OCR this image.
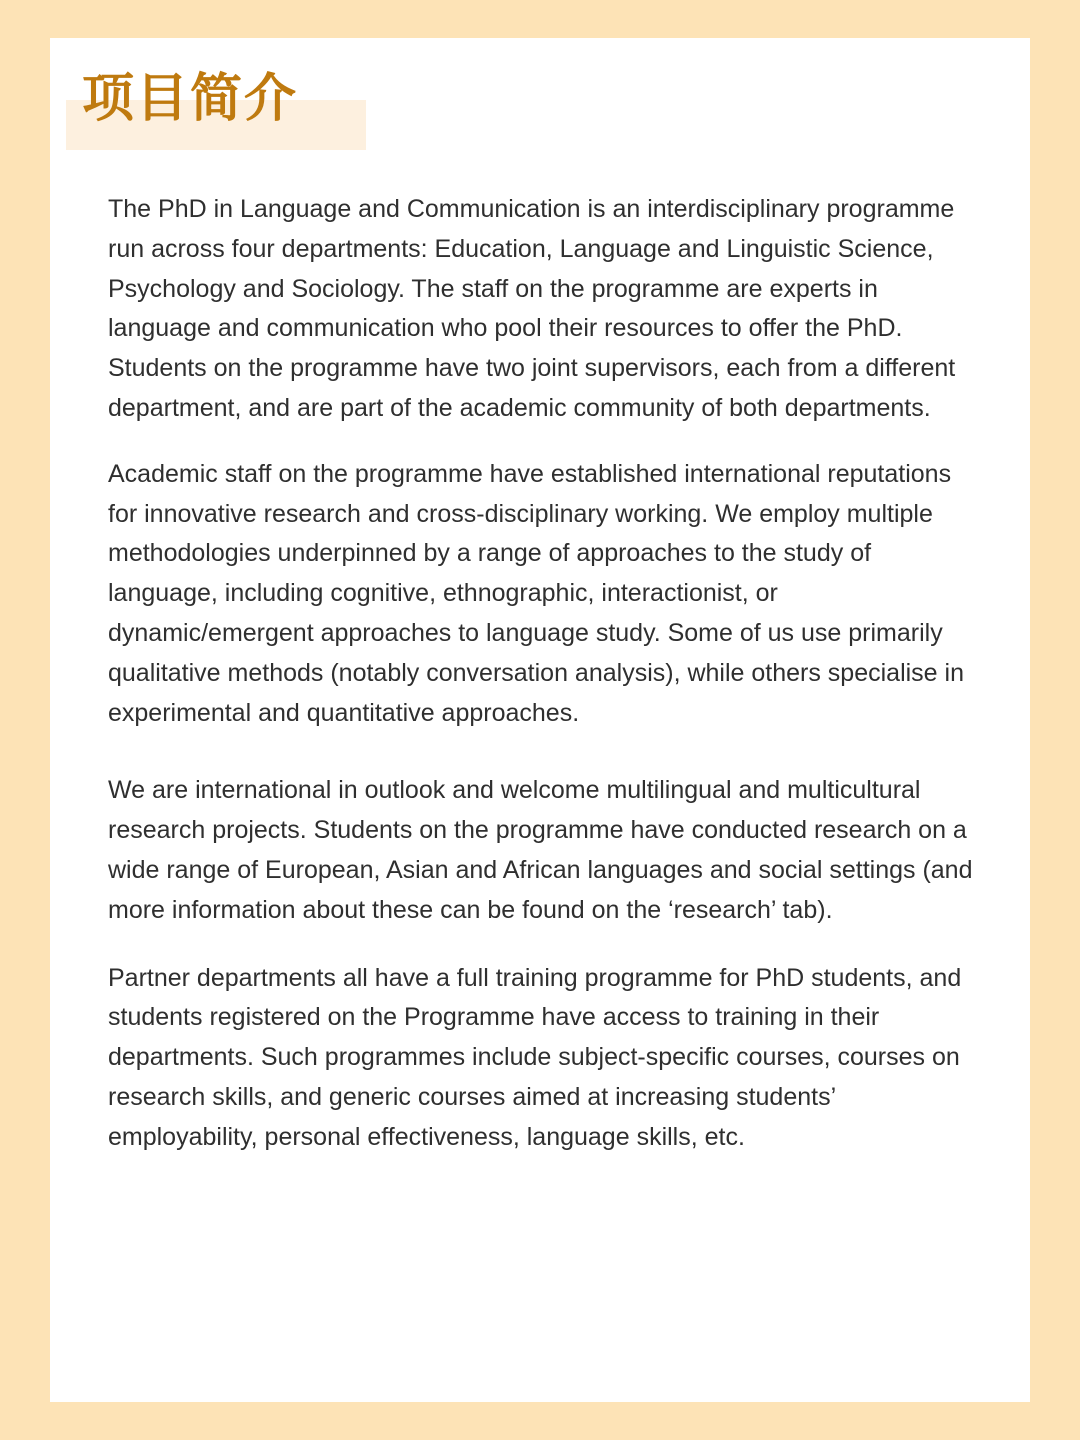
项目简介

The PhD in Language and Communication is an interdisciplinary programme run across four departments: Education, Language and Linguistic Science, Psychology and Sociology. The staff on the programme are experts in language and communication who pool their resources to offer the PhD. Students on the programme have two joint supervisors, each from a different department, and are part of the academic community of both departments.

Academic staff on the programme have established international reputations for innovative research and cross-disciplinary working. We employ multiple methodologies underpinned by a range of approaches to the study of language, including cognitive, ethnographic, interactionist, or dynamic/emergent approaches to language study. Some of us use primarily qualitative methods (notably conversation analysis), while others specialise in experimental and quantitative approaches.

We are international in outlook and welcome multilingual and multicultural research projects. Students on the programme have conducted research on a wide range of European, Asian and African languages and social settings (and more information about these can be found on the ‘research’ tab).

Partner departments all have a full training programme for PhD students, and students registered on the Programme have access to training in their departments. Such programmes include subject-specific courses, courses on research skills, and generic courses aimed at increasing students’ employability, personal effectiveness, language skills, etc.
